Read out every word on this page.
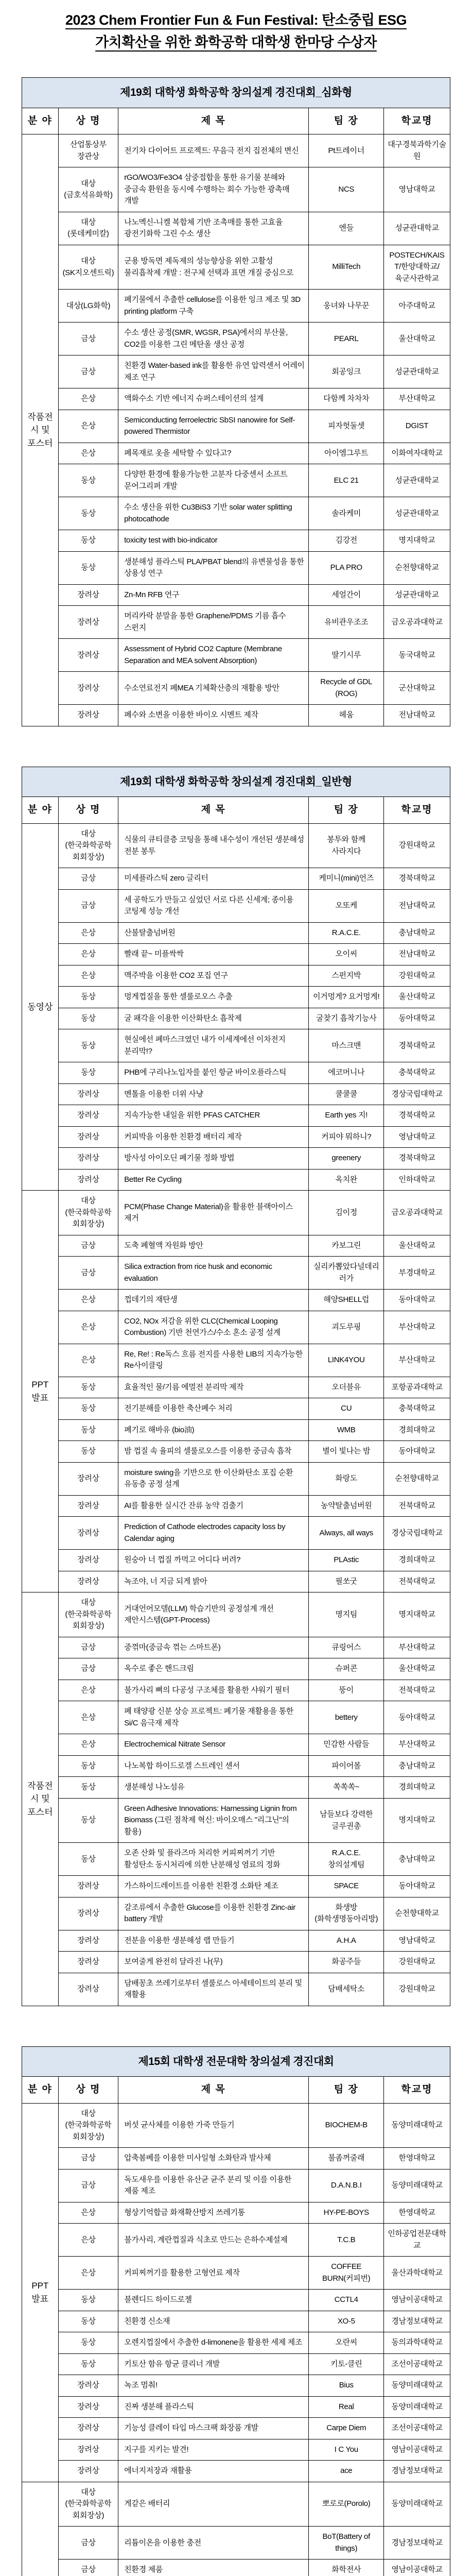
2023 Chem Frontier Fun & Fun Festival: 탄소중립 ESG
가치확산을 위한 화학공학 대학생 한마당 수상자
제19회 대학생 화학공학 창의설계 경진대회_심화형				
분 야	상 명	제 목	팀 장	학교명
작품전시 및 포스터	산업통상부 장관상	전기차 다이어트 프로젝트: 무음극 전지 집전체의 변신	Pt트레이너	대구경북과학기술원
	대상 (금호석유화학)	rGO/WO3/Fe3O4 삼중접합을 통한 유기물 분해와 중금속 환원을 동시에 수행하는 회수 가능한 광촉매 개발	NCS	영남대학교
	대상 (롯데케미칼)	나노멕신-니켈 복합체 기반 조촉매를 통한 고효율 광전기화학 그린 수소 생산	엔들	성균관대학교
	대상 (SK지오센트릭)	군용 방독면 제독제의 성능향상을 위한 고활성 물리흡착제 개발 : 전구체 선택과 표면 개질 중심으로	MilliTech	POSTECH/KAIST/한양대학교/육군사관학교
	대상(LG화학)	폐기물에서 추출한 cellulose를 이용한 잉크 제조 및 3D printing platform 구축	웅녀와 나무꾼	아주대학교
	금상	수소 생산 공정(SMR, WGSR, PSA)에서의 부산물, CO2를 이용한 그린 메탄올 생산 공정	PEARL	울산대학교
	금상	친환경 Water-based ink를 활용한 유연 압력센서 어레이 제조 연구	회공잉크	성균관대학교
	은상	액화수소 기반 에너지 슈퍼스테이션의 설계	다함께 차차차	부산대학교
	은상	Semiconducting ferroelectric SbSI nanowire for Self-powered Thermistor	피자헛둘셋	DGIST
	은상	폐목재로 옷을 세탁할 수 있다고?	아이엠그루트	이화여자대학교
	동상	다양한 환경에 활용가능한 고분자 다중센서 소프트 문어그리퍼 개발	ELC 21	성균관대학교
	동상	수소 생산을 위한 Cu3BiS3 기반 solar water splitting photocathode	솔라케미	성균관대학교
	동상	toxicity test with bio-indicator	김강전	명지대학교
	동상	생분해성 플라스틱 PLA/PBAT blend의 유변물성을 통한 상용성 연구	PLA PRO	순천향대학교
	장려상	Zn-Mn RFB 연구	세얼간이	성균관대학교
	장려상	머리카락 분말을 통한 Graphene/PDMS 기름 흡수 스펀지	유비관우조조	금오공과대학교
	장려상	Assessment of Hybrid CO2 Capture (Membrane Separation and MEA solvent Absorption)	딸기시루	동국대학교
	장려상	수소연료전지 폐MEA 기체확산층의 재활용 방안	Recycle of GDL (ROG)	군산대학교
	장려상	폐수와 소변을 이용한 바이오 시멘트 제작	헤움	전남대학교
제19회 대학생 화학공학 창의설계 경진대회_일반형				
분 야	상 명	제 목	팀 장	학교명
동영상	대상 (한국화학공학회회장상)	식물의 큐티클층 코팅을 통해 내수성이 개선된 생분해성 전분 봉투	봉투와 함께 사라지다	강원대학교
	금상	미세플라스틱 zero 글리터	케미니(mini)언즈	경북대학교
	금상	세 공학도가 만들고 싶었던 서로 다른 신세계; 종이용 코팅제 성능 개선	오또케	전남대학교
	은상	산불탈출넘버원	R.A.C.E.	충남대학교
	은상	빨래 끝~ 미플싹싹	오이씨	전남대학교
	은상	맥주박을 이용한 CO2 포집 연구	스펀지박	강원대학교
	동상	멍게껍질을 통한 셀룰로오스 추출	이거멍게? 요거멍게!	울산대학교
	동상	굴 패각을 이용한 이산화탄소 흡착제	굴찾기 흡착기능사	동아대학교
	동상	현실에선 폐마스크였던 내가 이세계에선 이차전지 분리막!?	마스크맨	경북대학교
	동상	PHB에 구리나노입자를 붙인 항균 바이오플라스틱	에코머니나	충북대학교
	장려상	멘톨을 이용한 더위 사냥	쿨쿨쿨	경상국립대학교
	장려상	지속가능한 내일을 위한 PFAS CATCHER	Earth yes 지!	경북대학교
	장려상	커피박을 이용한 친환경 배터리 제작	커피야 뭐하니?	영남대학교
	장려상	방사성 아이오딘 폐기물 정화 방법	greenery	경북대학교
	장려상	Better Re Cycling	옥치완	인하대학교
PPT 발표	대상 (한국화학공학회회장상)	PCM(Phase Change Material)을 활용한 블랙아이스 제거	김이정	금오공과대학교
	금상	도축 폐혈액 자원화 방안	카보그린	울산대학교
	금상	Silica extraction from rice husk and economic evaluation	실리카뽑았다널데리러가	부경대학교
	은상	껍데기의 재탄생	해양SHELL럽	동아대학교
	은상	CO2, NOx 저감을 위한 CLC(Chemical Looping Combustion) 기반 천연가스/수소 혼소 공정 설계	괴도루핑	부산대학교
	은상	Re, Re! : Re독스 흐름 전지를 사용한 LIB의 지속가능한 Re사이클링	LINK4YOU	부산대학교
	동상	효율적인 물/기름 에멀전 분리막 제작	오더블유	포항공과대학교
	동상	전기분해를 이용한 축산폐수 처리	CU	충북대학교
	동상	폐기로 해바유 (bio油)	WMB	경희대학교
	동상	밤 껍질 속 율피의 셀룰로오스를 이용한 중금속 흡착	별이 빛나는 밤	동아대학교
	장려상	moisture swing을 기반으로 한 이산화탄소 포집 순환 유동층 공정 설계	화랑도	순천향대학교
	장려상	AI를 활용한 실시간 잔류 농약 검출기	농약탈출넘버원	전북대학교
	장려상	Prediction of Cathode electrodes capacity loss by Calendar aging	Always, all ways	경상국립대학교
	장려상	원숭아 너 껍질 까먹고 어디다 버려?	PLAstic	경희대학교
	장려상	녹조야, 너 지금 되게 밝아	필쏘굿	전북대학교
작품전시 및 포스터	대상 (한국화학공학회회장상)	거대언어모델(LLM) 학습기반의 공정설계 개선 제안시스템(GPT-Process)	명지팀	명지대학교
	금상	중꺾마(중금속 꺾는 스마트폰)	큐링어스	부산대학교
	금상	옥수로 좋은 핸드크림	슈퍼콘	울산대학교
	은상	불가사리 뼈의 다공성 구조체를 활용한 샤워기 필터	뚱이	전북대학교
	은상	폐 태양광 신분 상승 프로젝트: 폐기물 재활용을 통한 Si/C 음극재 제작	bettery	동아대학교
	은상	Electrochemical Nitrate Sensor	민감한 사람들	부산대학교
	동상	나노복합 하이드로겔 스트레인 센서	파이어볼	충남대학교
	동상	생분해성 나노섬유	쏙쏙쏙~	경희대학교
	동상	Green Adhesive Innovations: Harnessing Lignin from Biomass (그린 점착제 혁신: 바이오매스 "리그닌"의 활용)	남들보다 강력한 글루권총	명지대학교
	동상	오존 산화 및 플라즈마 처리한 커피찌꺼기 기반 활성탄소 동시처리에 의한 난분해성 염료의 정화	R.A.C.E. 창의설계팀	충남대학교
	장려상	가스하이드레이트를 이용한 친환경 소화탄 제조	SPACE	동아대학교
	장려상	갈조류에서 추출한 Glucose를 이용한 친환경 Zinc-air battery 개발	화생방(화학생명동아리방)	순천향대학교
	장려상	전분을 이용한 생분해성 랩 만들기	A.H.A	영남대학교
	장려상	보여줄게 완전히 달라진 나(무)	화공주들	강원대학교
	장려상	담배꽁초 쓰레기로부터 셀룰로스 아세테이트의 분리 및 재활용	담배세탁소	강원대학교
제15회 대학생 전문대학 창의설계 경진대회				
분 야	상 명	제 목	팀 장	학교명
PPT 발표	대상 (한국화학공학회회장상)	버섯 균사체를 이용한 가죽 만들기	BIOCHEM-B	동양미래대학교
	금상	압축봄베를 이용한 미사일형 소화탄과 발사체	불좀꺼줄래	한영대학교
	금상	독도새우를 이용한 유산균 균주 분리 및 이를 이용한 제품 제조	D.A.N.B.I	동양미래대학교
	은상	형상기억합금 화재확산방지 쓰레기통	HY-PE-BOYS	한영대학교
	은상	불가사리, 계란껍질과 식초로 만드는 은하수제설제	T.C.B	인하공업전문대학교
	은상	커피찌꺼기를 활용한 고형연료 제작	COFFEE BURN(커피번)	울산과학대학교
	동상	블렌디드 하이드로젤	CCTL4	영남이공대학교
	동상	친환경 신소재	XO-5	경남정보대학교
	동상	오렌지껍질에서 추출한 d-limonene을 활용한 세제 제조	오란씨	동의과학대학교
	동상	키토산 함유 항균 클리너 개발	키토-클린	조선이공대학교
	장려상	녹조 멈춰!	Bius	동양미래대학교
	장려상	진짜 생분해 플라스틱	Real	동양미래대학교
	장려상	기능성 클레이 타입 마스크팩 화장품 개발	Carpe Diem	조선이공대학교
	장려상	지구를 지키는 발견!	I C You	영남이공대학교
	장려상	에너지저장과 재활용	ace	경남정보대학교
	대상 (한국화학공학회회장상)	게같은 배터리	뽀로로(Porolo)	동양미래대학교
	금상	리튬이온을 이용한 충전	BoT(Battery of things)	경남정보대학교
	금상	친환경 제품	화학전사	영남이공대학교
